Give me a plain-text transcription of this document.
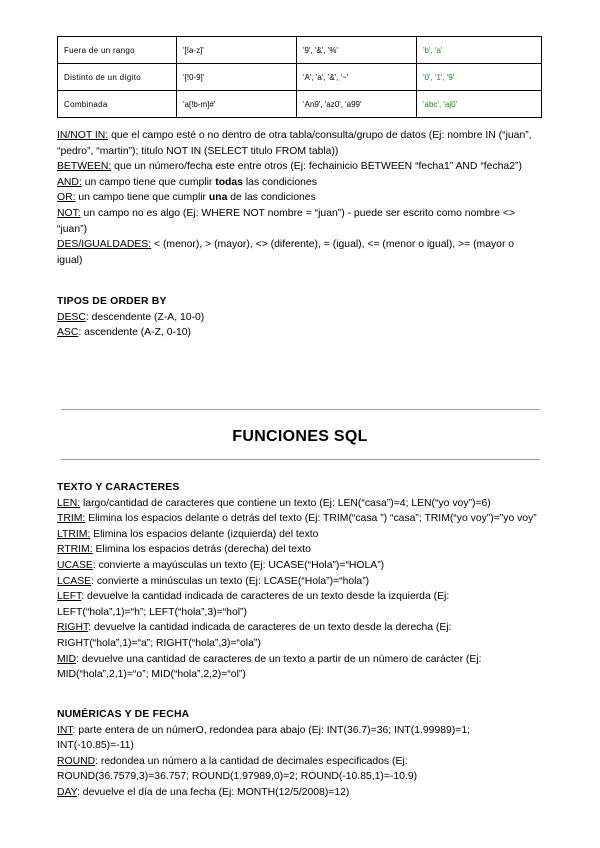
Fuera de un rango	'[!a-z]'	'9', '&', '%'	'b', 'a'
Distinto de un dígito	'[!0-9]'	'A', 'a', '&', '~'	'0', '1', '9'
Combinada	'a[!b-m]#'	'An9', 'az0', 'a99'	'abc', 'aj0'

IN/NOT IN: que el campo esté o no dentro de otra tabla/consulta/grupo de datos (Ej: nombre IN (“juan”, “pedro”, “martin”); titulo NOT IN (SELECT titulo FROM tabla))

BETWEEN: que un número/fecha este entre otros (Ej: fechainicio BETWEEN “fecha1” AND “fecha2”)

AND: un campo tiene que cumplir todas las condiciones

OR: un campo tiene que cumplir una de las condiciones

NOT: un campo no es algo (Ej: WHERE NOT nombre = “juan”) - puede ser escrito como nombre <> “juan”)

DES/IGUALDADES: < (menor), > (mayor), <> (diferente), = (igual), <= (menor o igual), >= (mayor o igual)

TIPOS DE ORDER BY

DESC: descendente (Z-A, 10-0)

ASC: ascendente (A-Z, 0-10)

FUNCIONES SQL

TEXTO Y CARACTERES

LEN: largo/cantidad de caracteres que contiene un texto (Ej: LEN(“casa”)=4; LEN(“yo voy”)=6)

TRIM: Elimina los espacios delante o detrás del texto (Ej: TRIM(“casa ”) “casa”; TRIM(“yo voy”)=”yo voy”

LTRIM: Elimina los espacios delante (izquierda) del texto

RTRIM: Elimina los espacios detrás (derecha) del texto

UCASE: convierte a mayúsculas un texto (Ej: UCASE(“Hola”)=“HOLA”)

LCASE: convierte a minúsculas un texto (Ej: LCASE(“Hola”)=“hola”)

LEFT: devuelve la cantidad indicada de caracteres de un texto desde la izquierda (Ej: LEFT(“hola”,1)=“h”; LEFT(“hola”,3)=“hol”)

RIGHT: devuelve la cantidad indicada de caracteres de un texto desde la derecha (Ej: RIGHT(“hola”,1)=“a”; RIGHT(“hola”,3)=“ola”)

MID: devuelve una cantidad de caracteres de un texto a partir de un número de carácter (Ej: MID(“hola”,2,1)=“o”; MID(“hola”,2,2)=“ol”)

NUMÉRICAS Y DE FECHA

INT: parte entera de un númerO, redondea para abajo (Ej: INT(36.7)=36; INT(1.99989)=1; INT(-10.85)=-11)

ROUND: redondea un número a la cantidad de decimales especificados (Ej: ROUND(36.7579,3)=36.757; ROUND(1.97989,0)=2; ROUND(-10.85,1)=-10.9)

DAY: devuelve el día de una fecha (Ej: MONTH(12/5/2008)=12)
